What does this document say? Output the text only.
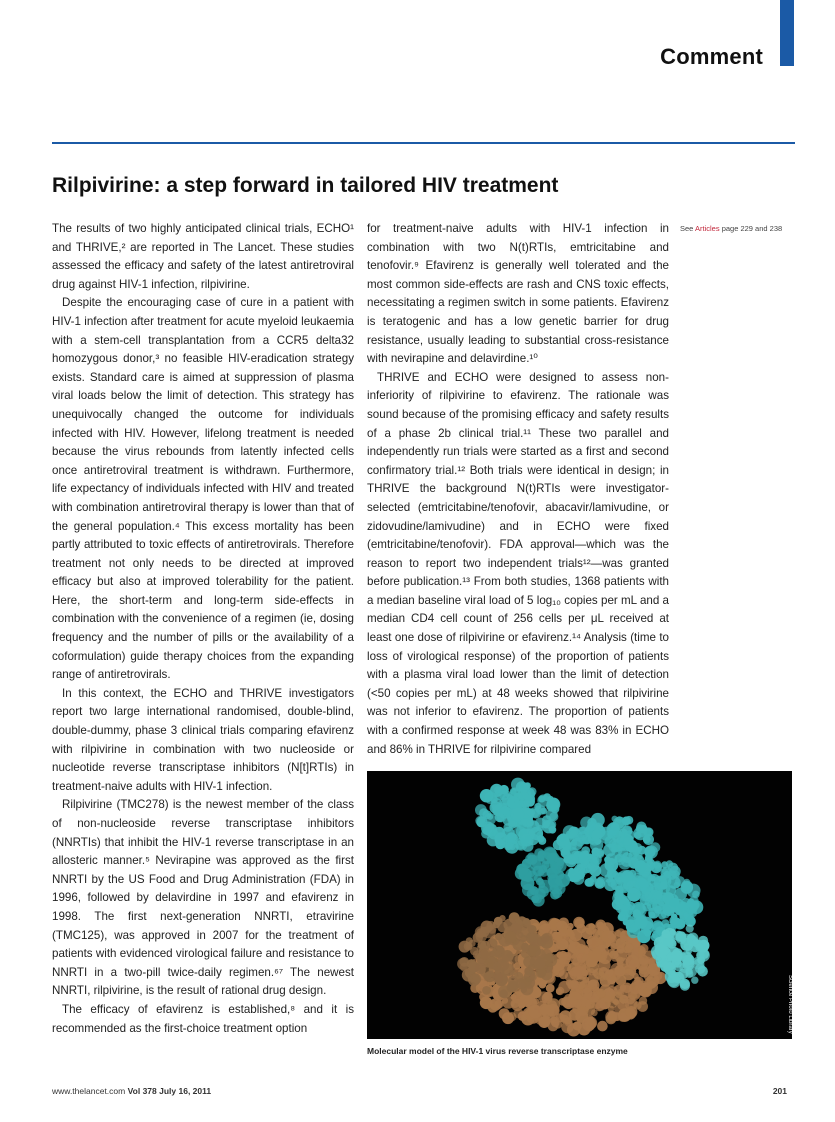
Comment
Rilpivirine: a step forward in tailored HIV treatment

The results of two highly anticipated clinical trials, ECHO¹ and THRIVE,² are reported in The Lancet. These studies assessed the efficacy and safety of the latest antiretroviral drug against HIV-1 infection, rilpivirine.

Despite the encouraging case of cure in a patient with HIV-1 infection after treatment for acute myeloid leukaemia with a stem-cell transplantation from a CCR5 delta32 homozygous donor,³ no feasible HIV-eradication strategy exists. Standard care is aimed at suppression of plasma viral loads below the limit of detection. This strategy has unequivocally changed the outcome for individuals infected with HIV. However, lifelong treatment is needed because the virus rebounds from latently infected cells once antiretroviral treatment is withdrawn. Furthermore, life expectancy of individuals infected with HIV and treated with combination antiretroviral therapy is lower than that of the general population.⁴ This excess mortality has been partly attributed to toxic effects of antiretrovirals. Therefore treatment not only needs to be directed at improved efficacy but also at improved tolerability for the patient. Here, the short-term and long-term side-effects in combination with the convenience of a regimen (ie, dosing frequency and the number of pills or the availability of a coformulation) guide therapy choices from the expanding range of antiretrovirals.

In this context, the ECHO and THRIVE investigators report two large international randomised, double-blind, double-dummy, phase 3 clinical trials comparing efavirenz with rilpivirine in combination with two nucleoside or nucleotide reverse transcriptase inhibitors (N[t]RTIs) in treatment-naive adults with HIV-1 infection.

Rilpivirine (TMC278) is the newest member of the class of non-nucleoside reverse transcriptase inhibitors (NNRTIs) that inhibit the HIV-1 reverse transcriptase in an allosteric manner.⁵ Nevirapine was approved as the first NNRTI by the US Food and Drug Administration (FDA) in 1996, followed by delavirdine in 1997 and efavirenz in 1998. The first next-generation NNRTI, etravirine (TMC125), was approved in 2007 for the treatment of patients with evidenced virological failure and resistance to NNRTI in a two-pill twice-daily regimen.⁶⁷ The newest NNRTI, rilpivirine, is the result of rational drug design.

The efficacy of efavirenz is established,⁸ and it is recommended as the first-choice treatment option

for treatment-naive adults with HIV-1 infection in combination with two N(t)RTIs, emtricitabine and tenofovir.⁹ Efavirenz is generally well tolerated and the most common side-effects are rash and CNS toxic effects, necessitating a regimen switch in some patients. Efavirenz is teratogenic and has a low genetic barrier for drug resistance, usually leading to substantial cross-resistance with nevirapine and delavirdine.¹⁰

THRIVE and ECHO were designed to assess non-inferiority of rilpivirine to efavirenz. The rationale was sound because of the promising efficacy and safety results of a phase 2b clinical trial.¹¹ These two parallel and independently run trials were started as a first and second confirmatory trial.¹² Both trials were identical in design; in THRIVE the background N(t)RTIs were investigator-selected (emtricitabine/tenofovir, abacavir/lamivudine, or zidovudine/lamivudine) and in ECHO were fixed (emtricitabine/tenofovir). FDA approval—which was the reason to report two independent trials¹²—was granted before publication.¹³ From both studies, 1368 patients with a median baseline viral load of 5 log₁₀ copies per mL and a median CD4 cell count of 256 cells per μL received at least one dose of rilpivirine or efavirenz.¹⁴ Analysis (time to loss of virological response) of the proportion of patients with a plasma viral load lower than the limit of detection (<50 copies per mL) at 48 weeks showed that rilpivirine was not inferior to efavirenz. The proportion of patients with a confirmed response at week 48 was 83% in ECHO and 86% in THRIVE for rilpivirine compared

See Articles page 229 and 238
Science Photo Library
Molecular model of the HIV-1 virus reverse transcriptase enzyme
www.thelancet.com Vol 378 July 16, 2011	201
